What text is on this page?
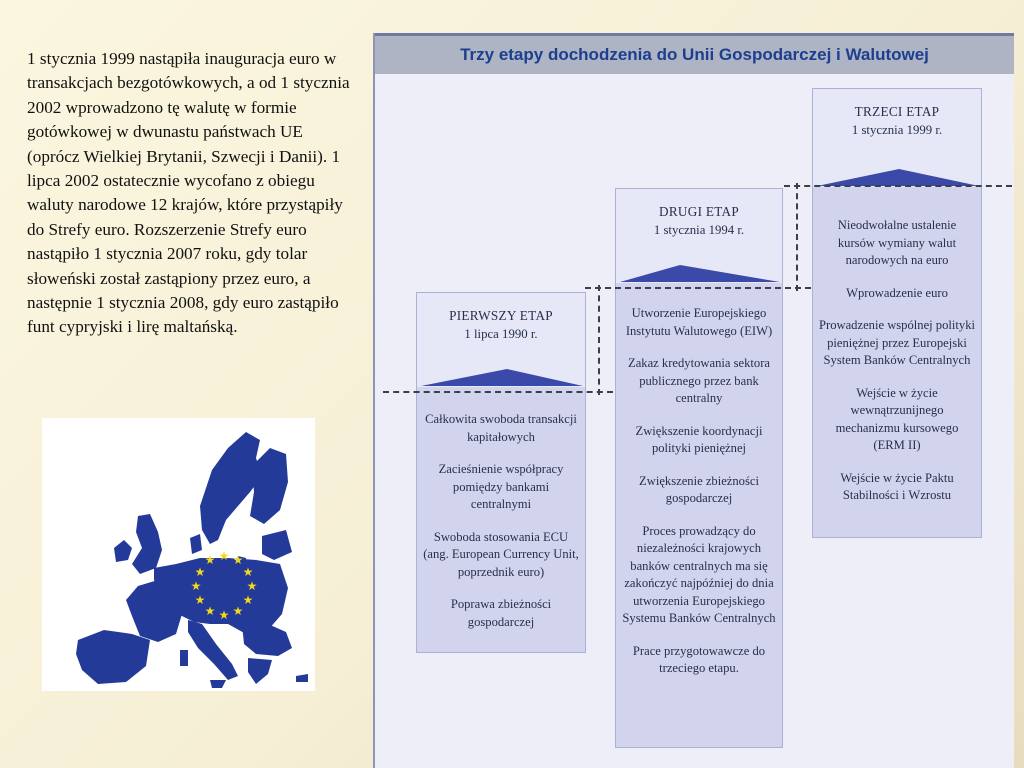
1 stycznia 1999 nastąpiła inauguracja euro w transakcjach bezgotówkowych, a od 1 stycznia 2002 wprowadzono tę walutę w formie gotówkowej w dwunastu państwach UE (oprócz Wielkiej Brytanii, Szwecji i Danii). 1 lipca 2002 ostatecznie wycofano z obiegu waluty narodowe 12 krajów, które przystąpiły do Strefy euro. Rozszerzenie Strefy euro nastąpiło 1 stycznia 2007 roku, gdy tolar słoweński został zastąpiony przez euro, a następnie 1 stycznia 2008, gdy euro zastąpiło funt cypryjski i lirę maltańską.
★ ★ ★
★
★
★
★
★
★
★
★
★
Trzy etapy dochodzenia do Unii Gospodarczej i Walutowej
PIERWSZY ETAP
1 lipca 1990 r.
Całkowita swoboda transakcji kapitałowych
Zacieśnienie współpracy pomiędzy bankami centralnymi
Swoboda stosowania ECU (ang. European Currency Unit, poprzednik euro)
Poprawa zbieżności gospodarczej
DRUGI ETAP
1 stycznia 1994 r.
Utworzenie Europejskiego Instytutu Walutowego (EIW)
Zakaz kredytowania sektora publicznego przez bank centralny
Zwiększenie koordynacji polityki pieniężnej
Zwiększenie zbieżności gospodarczej
Proces prowadzący do niezależności krajowych banków centralnych ma się zakończyć najpóźniej do dnia utworzenia Europejskiego Systemu Banków Centralnych
Prace przygotowawcze do trzeciego etapu.
TRZECI ETAP
1 stycznia 1999 r.
Nieodwołalne ustalenie kursów wymiany walut narodowych na euro
Wprowadzenie euro
Prowadzenie wspólnej polityki pieniężnej przez Europejski System Banków Centralnych
Wejście w życie wewnątrzunijnego mechanizmu kursowego (ERM II)
Wejście w życie Paktu Stabilności i Wzrostu
